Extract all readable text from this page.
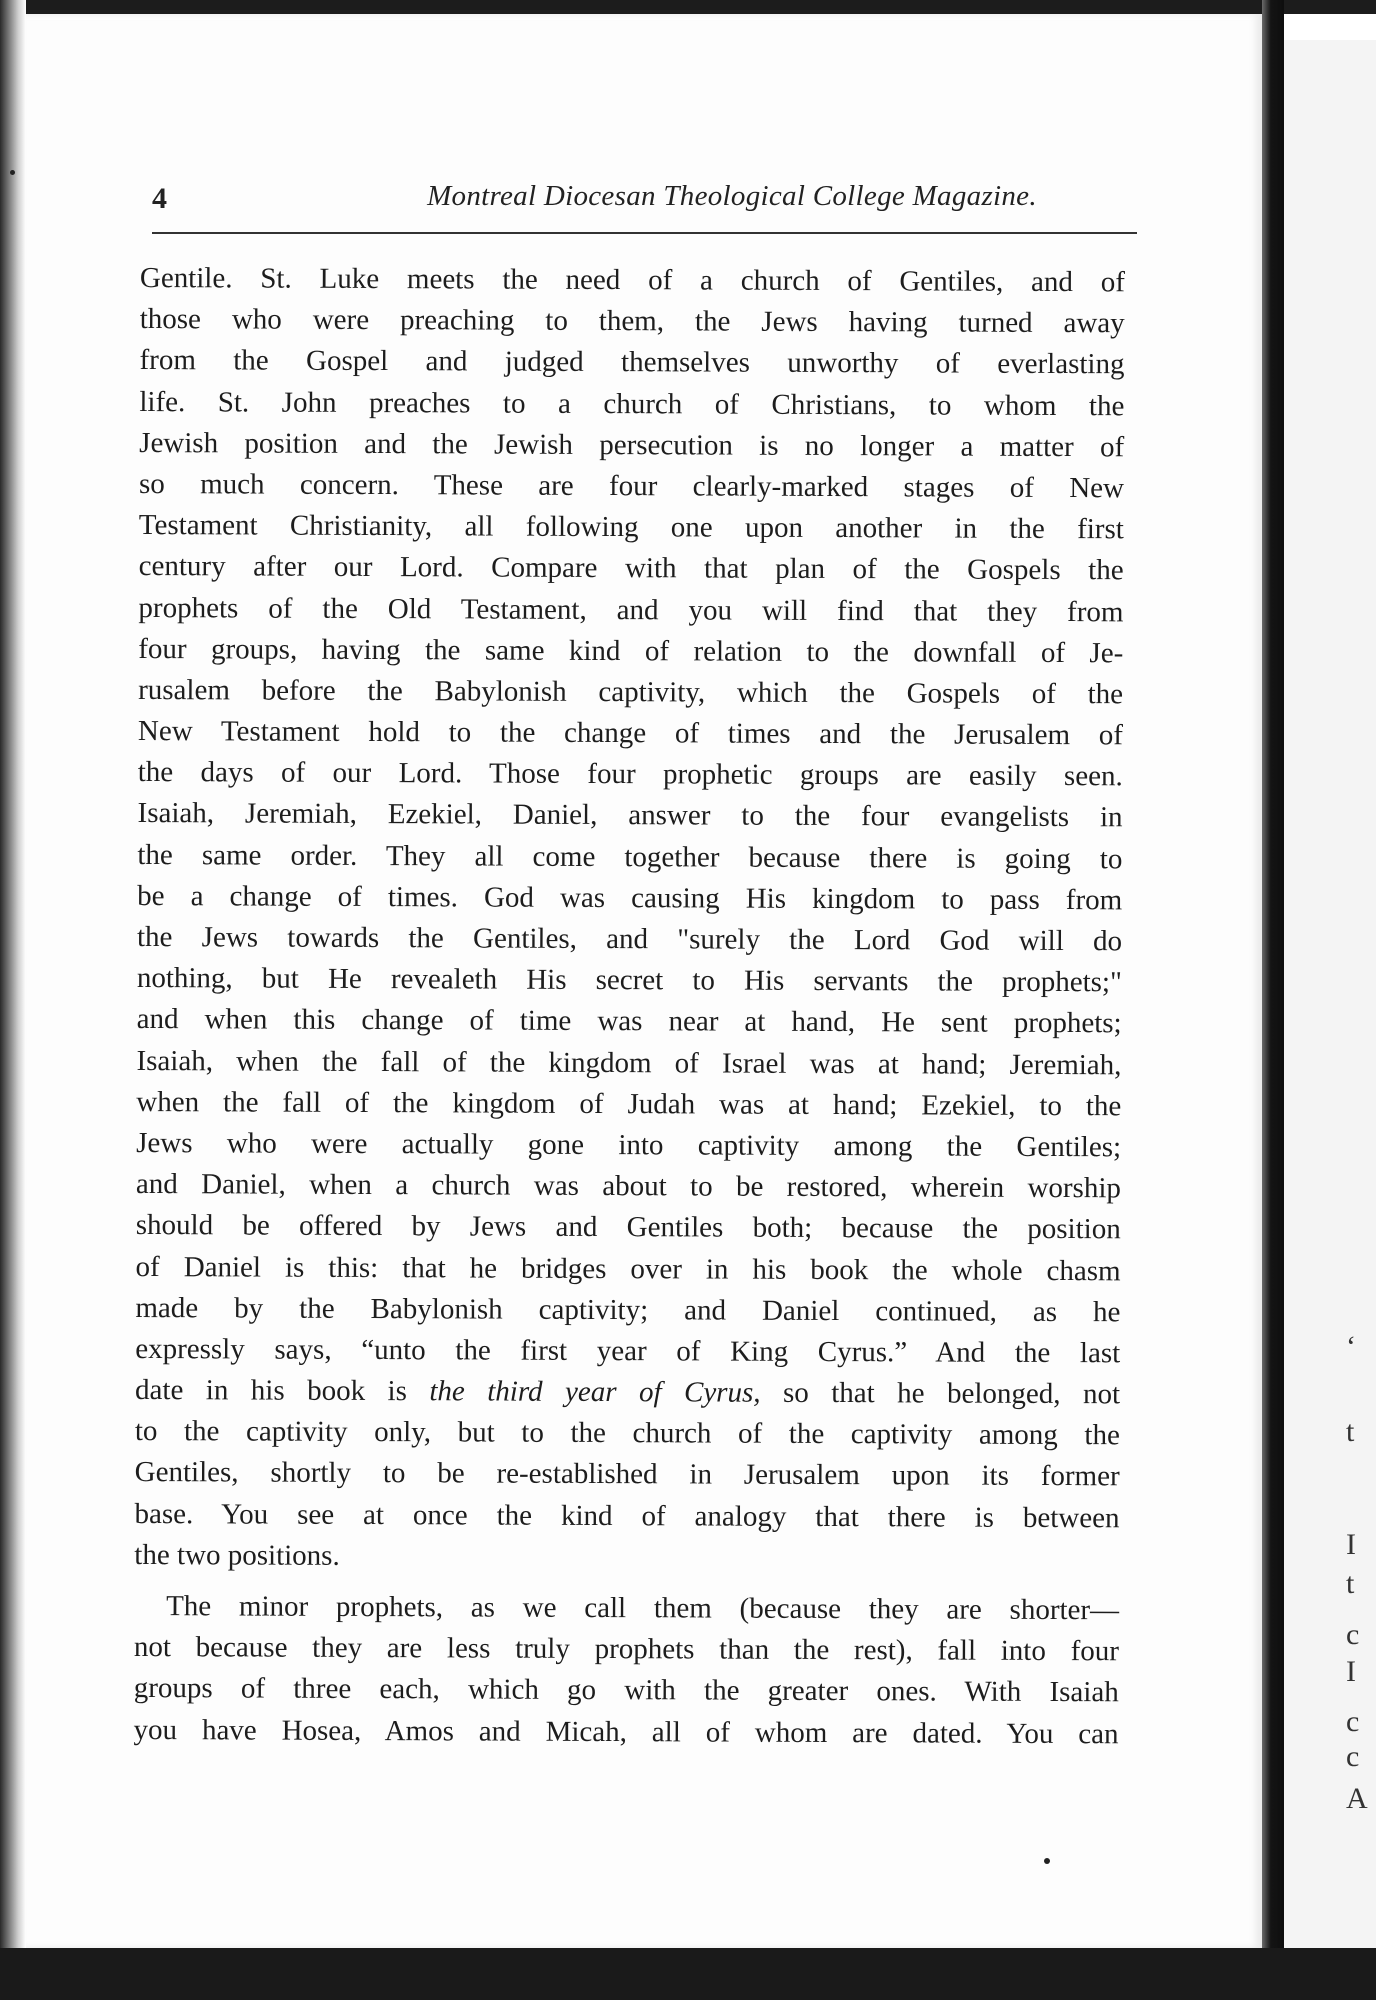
4	Montreal Diocesan Theological College Magazine.

Gentile. St. Luke meets the need of a church of Gentiles, and of
those who were preaching to them, the Jews having turned away
from the Gospel and judged themselves unworthy of everlasting
life. St. John preaches to a church of Christians, to whom the
Jewish position and the Jewish persecution is no longer a matter of
so much concern. These are four clearly-marked stages of New
Testament Christianity, all following one upon another in the first
century after our Lord. Compare with that plan of the Gospels the
prophets of the Old Testament, and you will find that they from
four groups, having the same kind of relation to the downfall of Je-
rusalem before the Babylonish captivity, which the Gospels of the
New Testament hold to the change of times and the Jerusalem of
the days of our Lord. Those four prophetic groups are easily seen.
Isaiah, Jeremiah, Ezekiel, Daniel, answer to the four evangelists in
the same order. They all come together because there is going to
be a change of times. God was causing His kingdom to pass from
the Jews towards the Gentiles, and "surely the Lord God will do
nothing, but He revealeth His secret to His servants the prophets;"
and when this change of time was near at hand, He sent prophets;
Isaiah, when the fall of the kingdom of Israel was at hand; Jeremiah,
when the fall of the kingdom of Judah was at hand; Ezekiel, to the
Jews who were actually gone into captivity among the Gentiles;
and Daniel, when a church was about to be restored, wherein worship
should be offered by Jews and Gentiles both; because the position
of Daniel is this: that he bridges over in his book the whole chasm
made by the Babylonish captivity; and Daniel continued, as he
expressly says, “unto the first year of King Cyrus.” And the last
date in his book is the third year of Cyrus, so that he belonged, not
to the captivity only, but to the church of the captivity among the
Gentiles, shortly to be re-established in Jerusalem upon its former
base. You see at once the kind of analogy that there is between
the two positions.

The minor prophets, as we call them (because they are shorter—
not because they are less truly prophets than the rest), fall into four
groups of three each, which go with the greater ones. With Isaiah
you have Hosea, Amos and Micah, all of whom are dated. You can

‘
t
I
t
c
I
c
c
A
